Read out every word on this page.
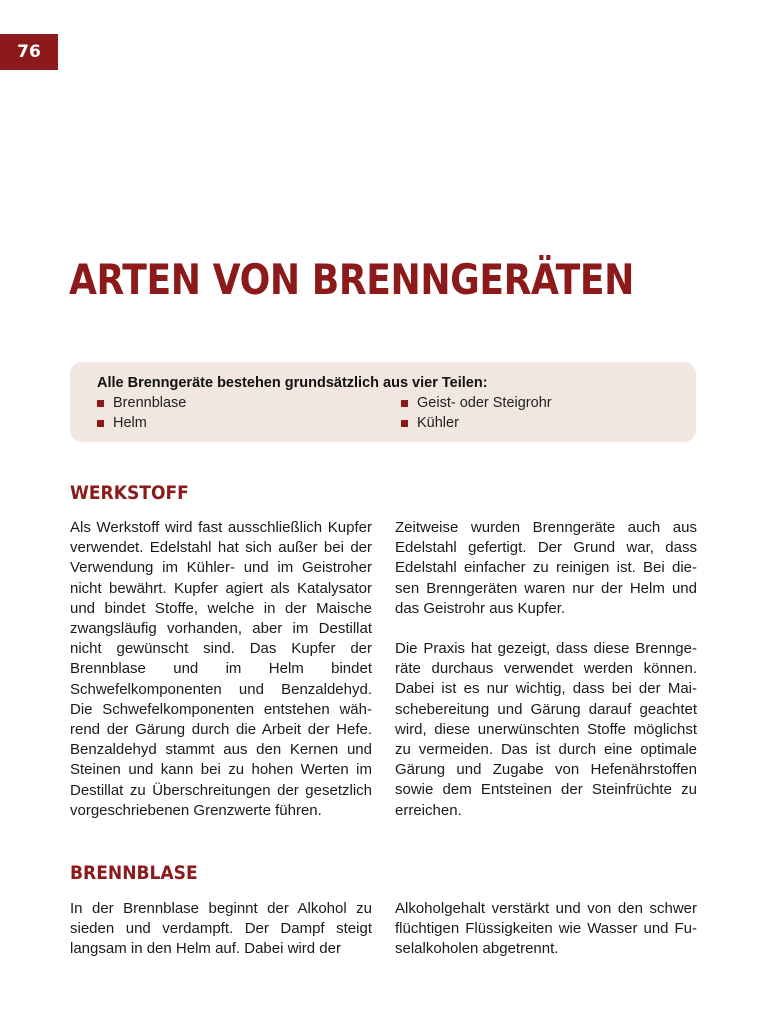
76
ARTEN VON BRENNGERÄTEN
Alle Brenngeräte bestehen grundsätzlich aus vier Teilen:
Brennblase	Geist- oder Steigrohr
Helm	Kühler
WERKSTOFF

Als Werkstoff wird fast ausschließlich Kupfer verwendet. Edelstahl hat sich außer bei der Verwendung im Kühler- und im Geistroher nicht bewährt. Kupfer agiert als Katalysator und bindet Stoffe, welche in der Maische zwangsläufig vorhanden, aber im Destillat nicht gewünscht sind. Das Kupfer der Brennblase und im Helm bindet Schwefelkomponenten und Benzaldehyd. Die Schwefelkomponenten entstehen während der Gärung durch die Arbeit der Hefe. Benzaldehyd stammt aus den Kernen und Steinen und kann bei zu hohen Werten im Destillat zu Überschreitungen der gesetzlich vorgeschriebenen Grenzwerte führen.

Zeitweise wurden Brenngeräte auch aus Edelstahl gefertigt. Der Grund war, dass Edelstahl einfacher zu reinigen ist. Bei diesen Brenngeräten waren nur der Helm und das Geistrohr aus Kupfer.

Die Praxis hat gezeigt, dass diese Brenngeräte durchaus verwendet werden können. Dabei ist es nur wichtig, dass bei der Maischebereitung und Gärung darauf geachtet wird, diese unerwünschten Stoffe möglichst zu vermeiden. Das ist durch eine optimale Gärung und Zugabe von Hefenährstoffen sowie dem Entsteinen der Steinfrüchte zu erreichen.

BRENNBLASE

In der Brennblase beginnt der Alkohol zu sieden und verdampft. Der Dampf steigt langsam in den Helm auf. Dabei wird der

Alkoholgehalt verstärkt und von den schwer flüchtigen Flüssigkeiten wie Wasser und Fuselalkoholen abgetrennt.
